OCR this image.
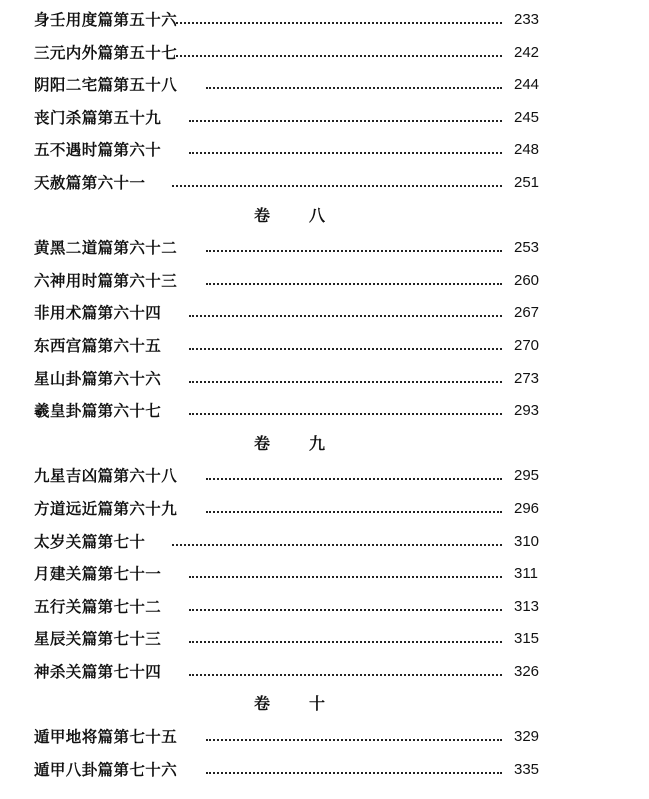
身壬用度篇第五十六	233
三元内外篇第五十七	242
阴阳二宅篇第五十八	244
丧门杀篇第五十九	245
五不遇时篇第六十	248
天赦篇第六十一	251
卷 八
黄黑二道篇第六十二	253
六神用时篇第六十三	260
非用术篇第六十四	267
东西宫篇第六十五	270
星山卦篇第六十六	273
羲皇卦篇第六十七	293
卷 九
九星吉凶篇第六十八	295
方道远近篇第六十九	296
太岁关篇第七十	310
月建关篇第七十一	311
五行关篇第七十二	313
星辰关篇第七十三	315
神杀关篇第七十四	326
卷 十
遁甲地将篇第七十五	329
遁甲八卦篇第七十六	335
